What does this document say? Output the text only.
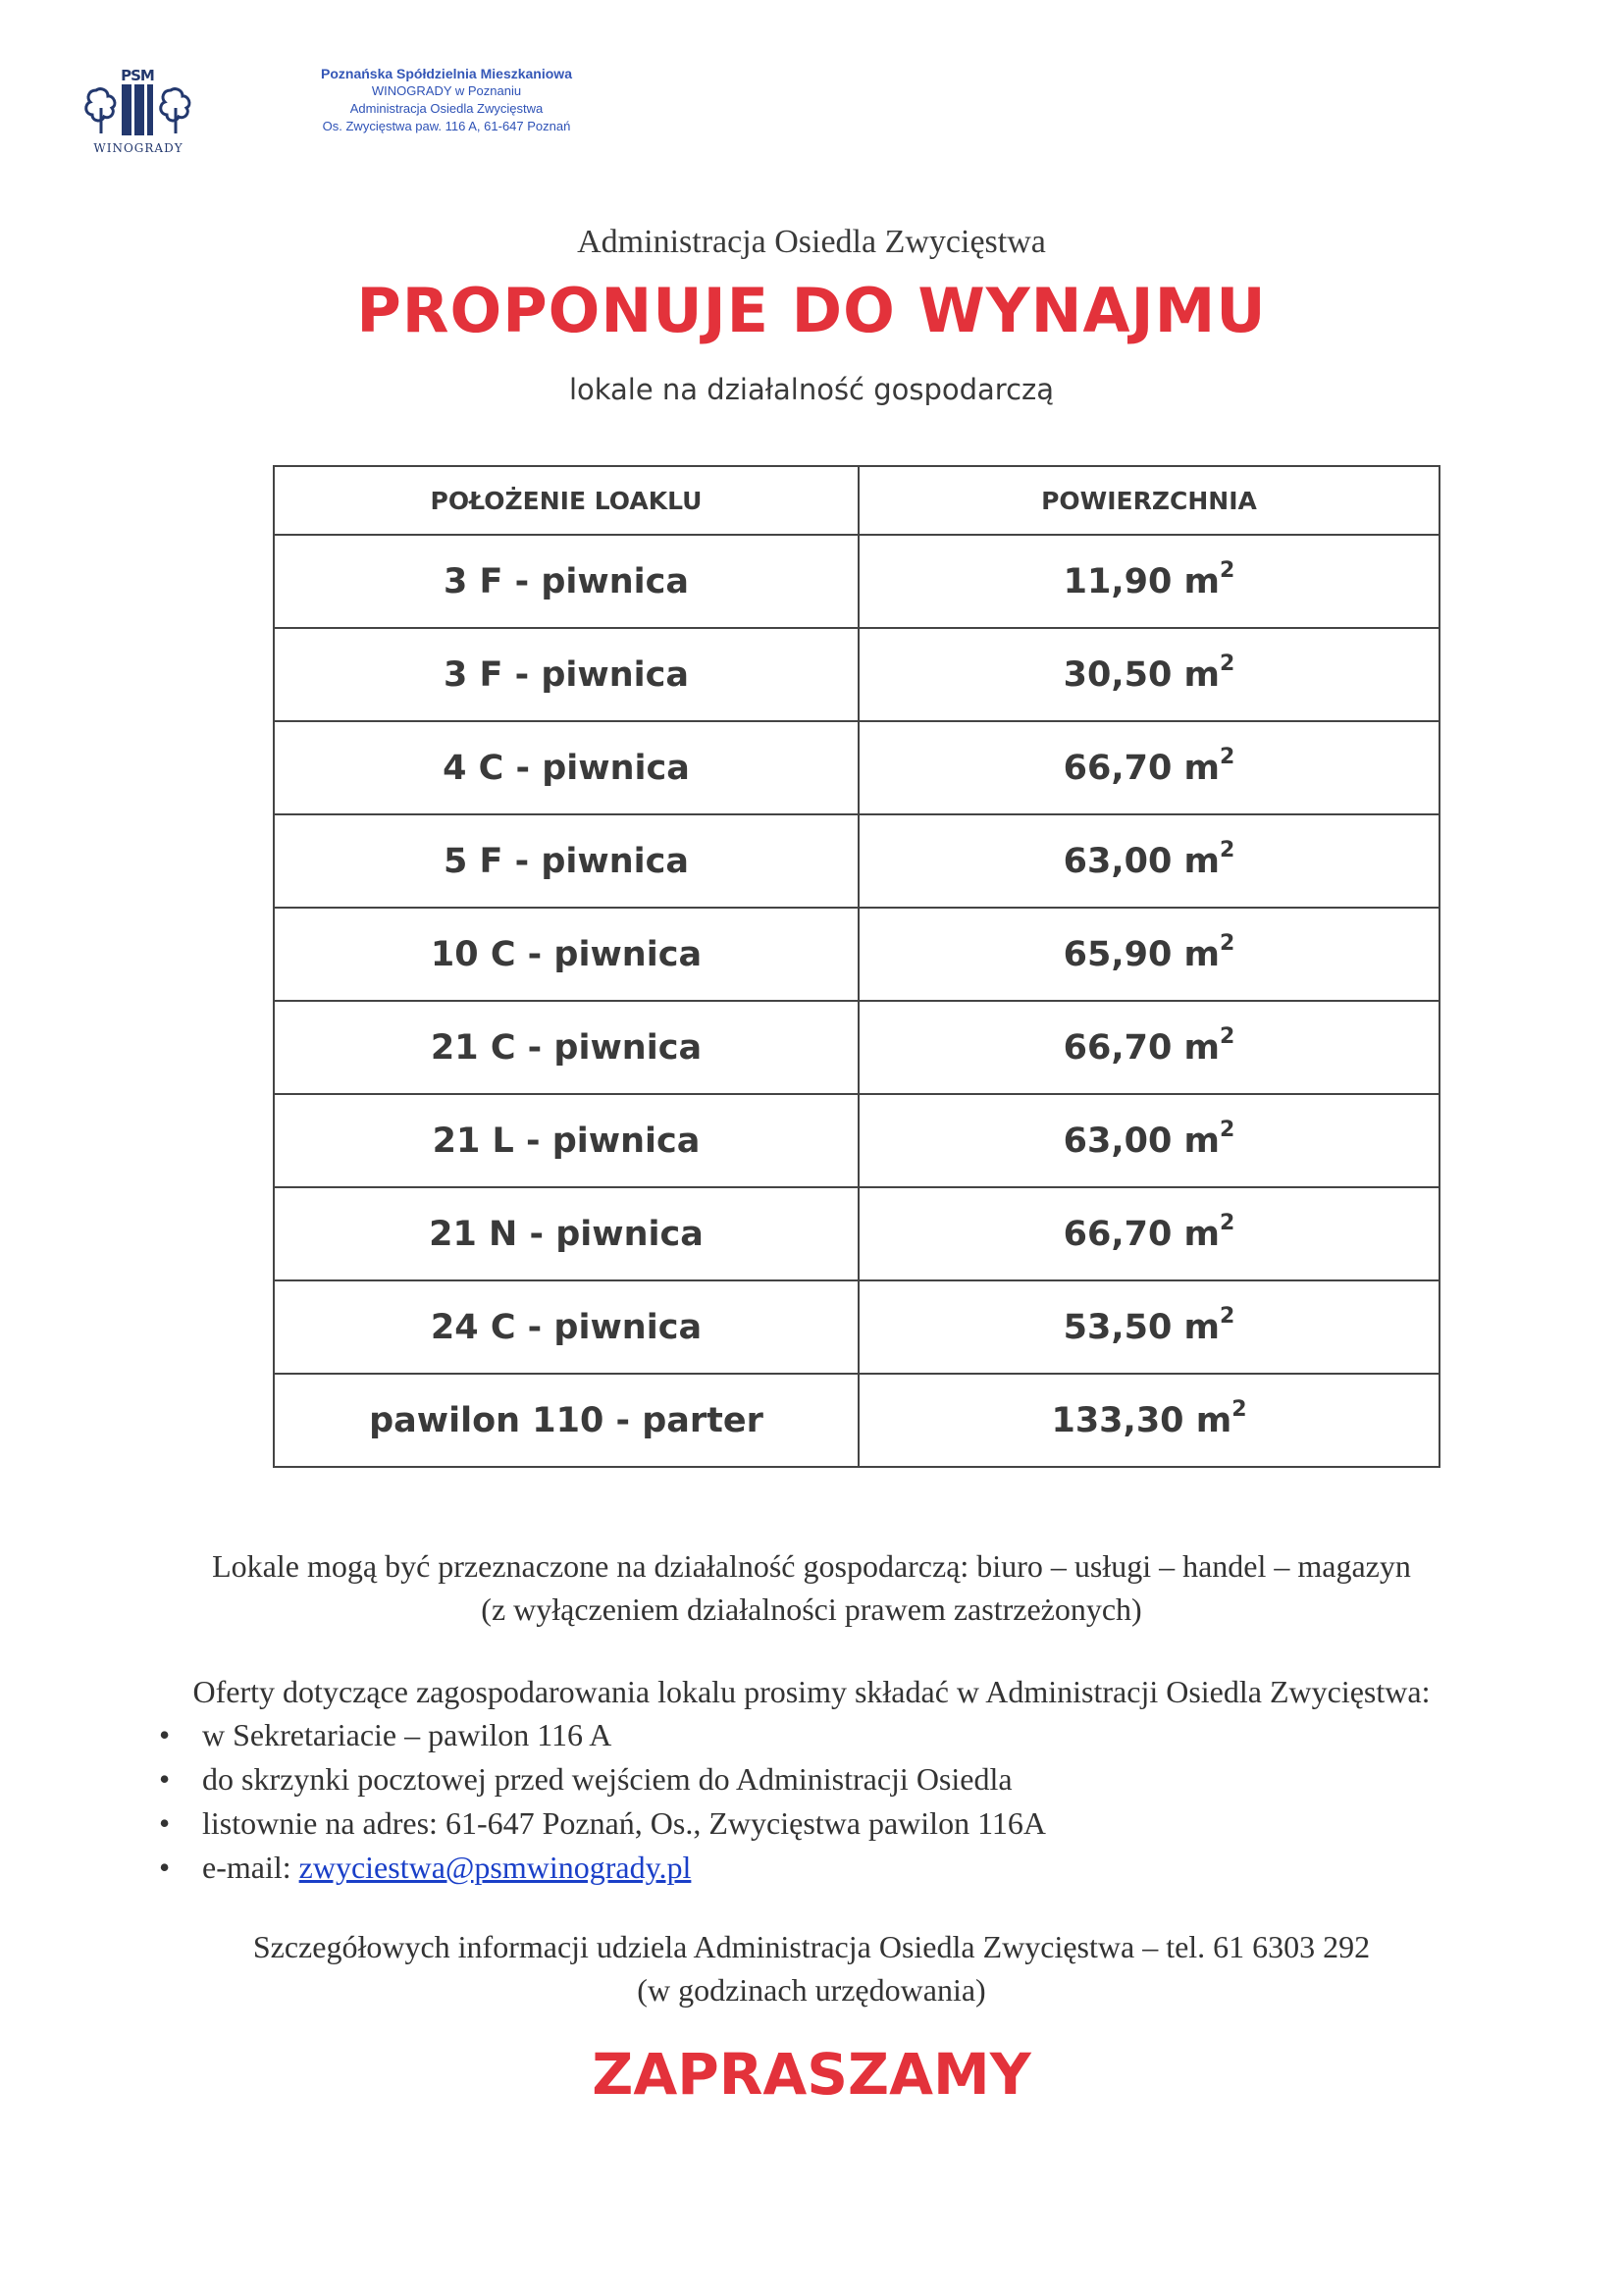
PSM
WINOGRADY
Poznańska Spółdzielnia Mieszkaniowa
WINOGRADY w Poznaniu
Administracja Osiedla Zwycięstwa
Os. Zwycięstwa paw. 116 A, 61-647 Poznań
Administracja Osiedla Zwycięstwa
PROPONUJE DO WYNAJMU
lokale na działalność gospodarczą
POŁOŻENIE LOAKLU	POWIERZCHNIA
3 F - piwnica	11,90 $m^2$
3 F - piwnica	30,50 $m^2$
4 C - piwnica	66,70 $m^2$
5 F - piwnica	63,00 $m^2$
10 C - piwnica	65,90 $m^2$
21 C - piwnica	66,70 $m^2$
21 L - piwnica	63,00 $m^2$
21 N - piwnica	66,70 $m^2$
24 C - piwnica	53,50 $m^2$
pawilon 110 - parter	133,30 $m^2$
Lokale mogą być przeznaczone na działalność gospodarczą: biuro – usługi – handel – magazyn
(z wyłączeniem działalności prawem zastrzeżonych)
Oferty dotyczące zagospodarowania lokalu prosimy składać w Administracji Osiedla Zwycięstwa:
• w Sekretariacie – pawilon 116 A
• do skrzynki pocztowej przed wejściem do Administracji Osiedla
• listownie na adres: 61-647 Poznań, Os., Zwycięstwa pawilon 116A
• e-mail: zwyciestwa@psmwinogrady.pl
Szczegółowych informacji udziela Administracja Osiedla Zwycięstwa – tel. 61 6303 292
(w godzinach urzędowania)
ZAPRASZAMY
